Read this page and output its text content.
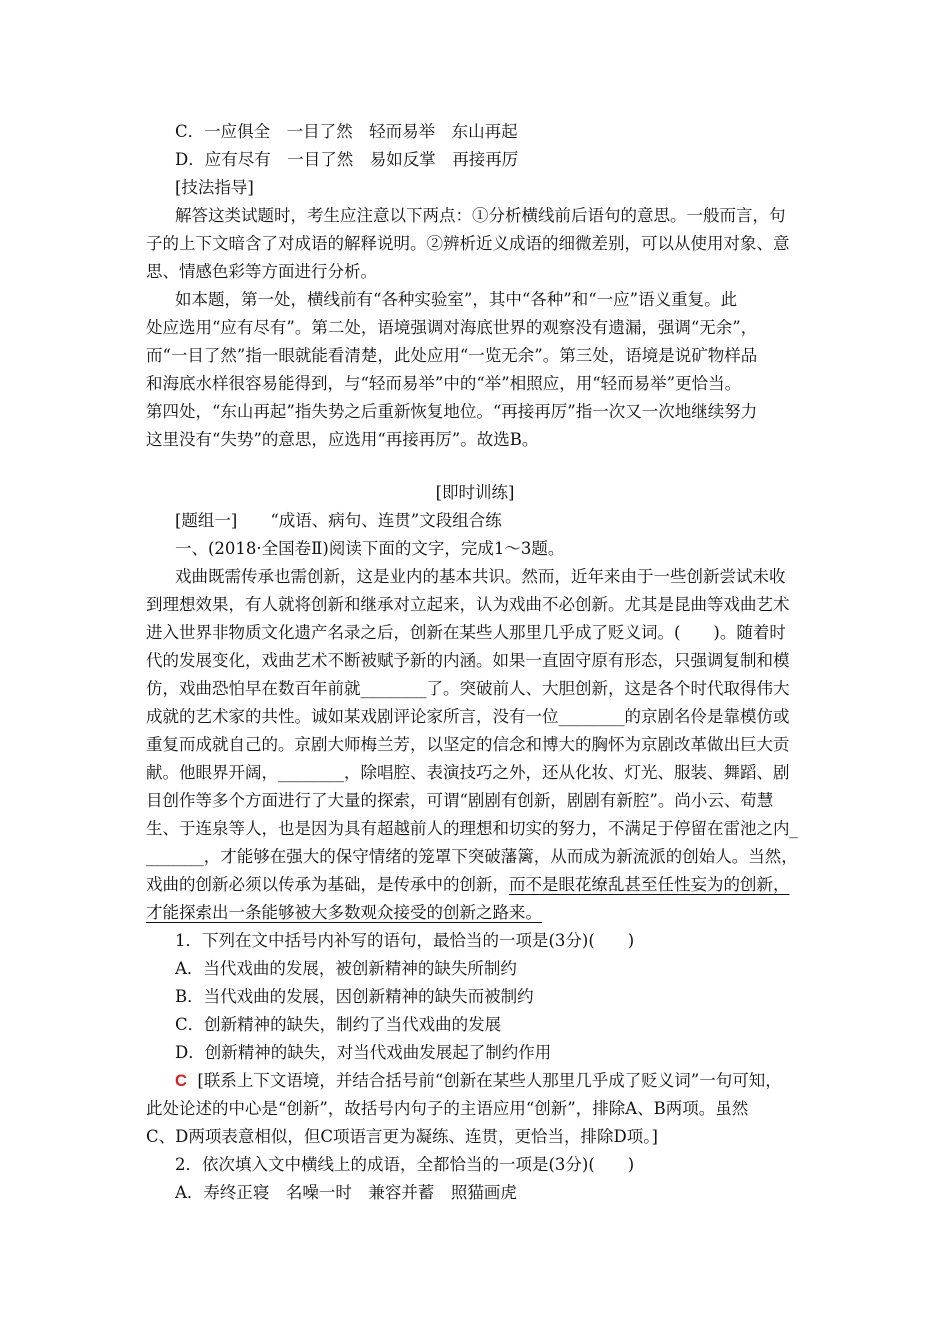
C．一应俱全　一目了然　轻而易举　东山再起
D．应有尽有　一目了然　易如反掌　再接再厉
[技法指导]
解答这类试题时，考生应注意以下两点：①分析横线前后语句的意思。一般而言，句
子的上下文暗含了对成语的解释说明。②辨析近义成语的细微差别，可以从使用对象、意
思、情感色彩等方面进行分析。
如本题，第一处，横线前有“各种实验室”，其中“各种”和“一应”语义重复。此
处应选用“应有尽有”。第二处，语境强调对海底世界的观察没有遗漏，强调“无余”，
而“一目了然”指一眼就能看清楚，此处应用“一览无余”。第三处，语境是说矿物样品
和海底水样很容易能得到，与“轻而易举”中的“举”相照应，用“轻而易举”更恰当。
第四处，“东山再起”指失势之后重新恢复地位。“再接再厉”指一次又一次地继续努力
这里没有“失势”的意思，应选用“再接再厉”。故选B。
[即时训练]
[题组一]　　“成语、病句、连贯”文段组合练
一、(2018·全国卷Ⅱ)阅读下面的文字，完成1～3题。
戏曲既需传承也需创新，这是业内的基本共识。然而，近年来由于一些创新尝试未收
到理想效果，有人就将创新和继承对立起来，认为戏曲不必创新。尤其是昆曲等戏曲艺术
进入世界非物质文化遗产名录之后，创新在某些人那里几乎成了贬义词。(　　)。随着时
代的发展变化，戏曲艺术不断被赋予新的内涵。如果一直固守原有形态，只强调复制和模
仿，戏曲恐怕早在数百年前就________了。突破前人、大胆创新，这是各个时代取得伟大
成就的艺术家的共性。诚如某戏剧评论家所言，没有一位________的京剧名伶是靠模仿或
重复而成就自己的。京剧大师梅兰芳，以坚定的信念和博大的胸怀为京剧改革做出巨大贡
献。他眼界开阔，________，除唱腔、表演技巧之外，还从化妆、灯光、服装、舞蹈、剧
目创作等多个方面进行了大量的探索，可谓“剧剧有创新，剧剧有新腔”。尚小云、荀慧
生、于连泉等人，也是因为具有超越前人的理想和切实的努力，不满足于停留在雷池之内_
_______，才能够在强大的保守情绪的笼罩下突破藩篱，从而成为新流派的创始人。当然，
戏曲的创新必须以传承为基础，是传承中的创新，而不是眼花缭乱甚至任性妄为的创新，
才能探索出一条能够被大多数观众接受的创新之路来。
1．下列在文中括号内补写的语句，最恰当的一项是(3分)(　　)
A．当代戏曲的发展，被创新精神的缺失所制约
B．当代戏曲的发展，因创新精神的缺失而被制约
C．创新精神的缺失，制约了当代戏曲的发展
D．创新精神的缺失，对当代戏曲发展起了制约作用
C [联系上下文语境，并结合括号前“创新在某些人那里几乎成了贬义词”一句可知，
此处论述的中心是“创新”，故括号内句子的主语应用“创新”，排除A、B两项。虽然
C、D两项表意相似，但C项语言更为凝练、连贯，更恰当，排除D项。]
2．依次填入文中横线上的成语，全都恰当的一项是(3分)(　　)
A．寿终正寝　名噪一时　兼容并蓄　照猫画虎
